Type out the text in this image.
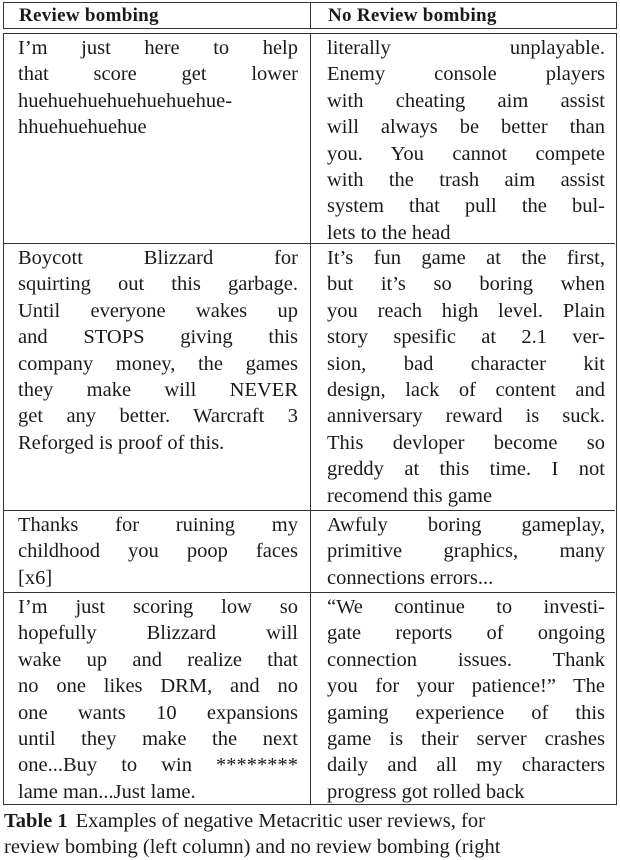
Review bombing	No Review bombing
I’m just here to help
that score get lower
huehuehuehuehuehuehue-
hhuehuehuehue
literally unplayable.
Enemy console players
with cheating aim assist
will always be better than
you. You cannot compete
with the trash aim assist
system that pull the bul-
lets to the head
Boycott Blizzard for
squirting out this garbage.
Until everyone wakes up
and STOPS giving this
company money, the games
they make will NEVER
get any better. Warcraft 3
Reforged is proof of this.
It’s fun game at the first,
but it’s so boring when
you reach high level. Plain
story spesific at 2.1 ver-
sion, bad character kit
design, lack of content and
anniversary reward is suck.
This devloper become so
greddy at this time. I not
recomend this game
Thanks for ruining my
childhood you poop faces
[x6]
Awfuly boring gameplay,
primitive graphics, many
connections errors...
I’m just scoring low so
hopefully Blizzard will
wake up and realize that
no one likes DRM, and no
one wants 10 expansions
until they make the next
one...Buy to win ********
lame man...Just lame.
“We continue to investi-
gate reports of ongoing
connection issues. Thank
you for your patience!” The
gaming experience of this
game is their server crashes
daily and all my characters
progress got rolled back
Table 1 Examples of negative Metacritic user reviews, for
review bombing (left column) and no review bombing (right
